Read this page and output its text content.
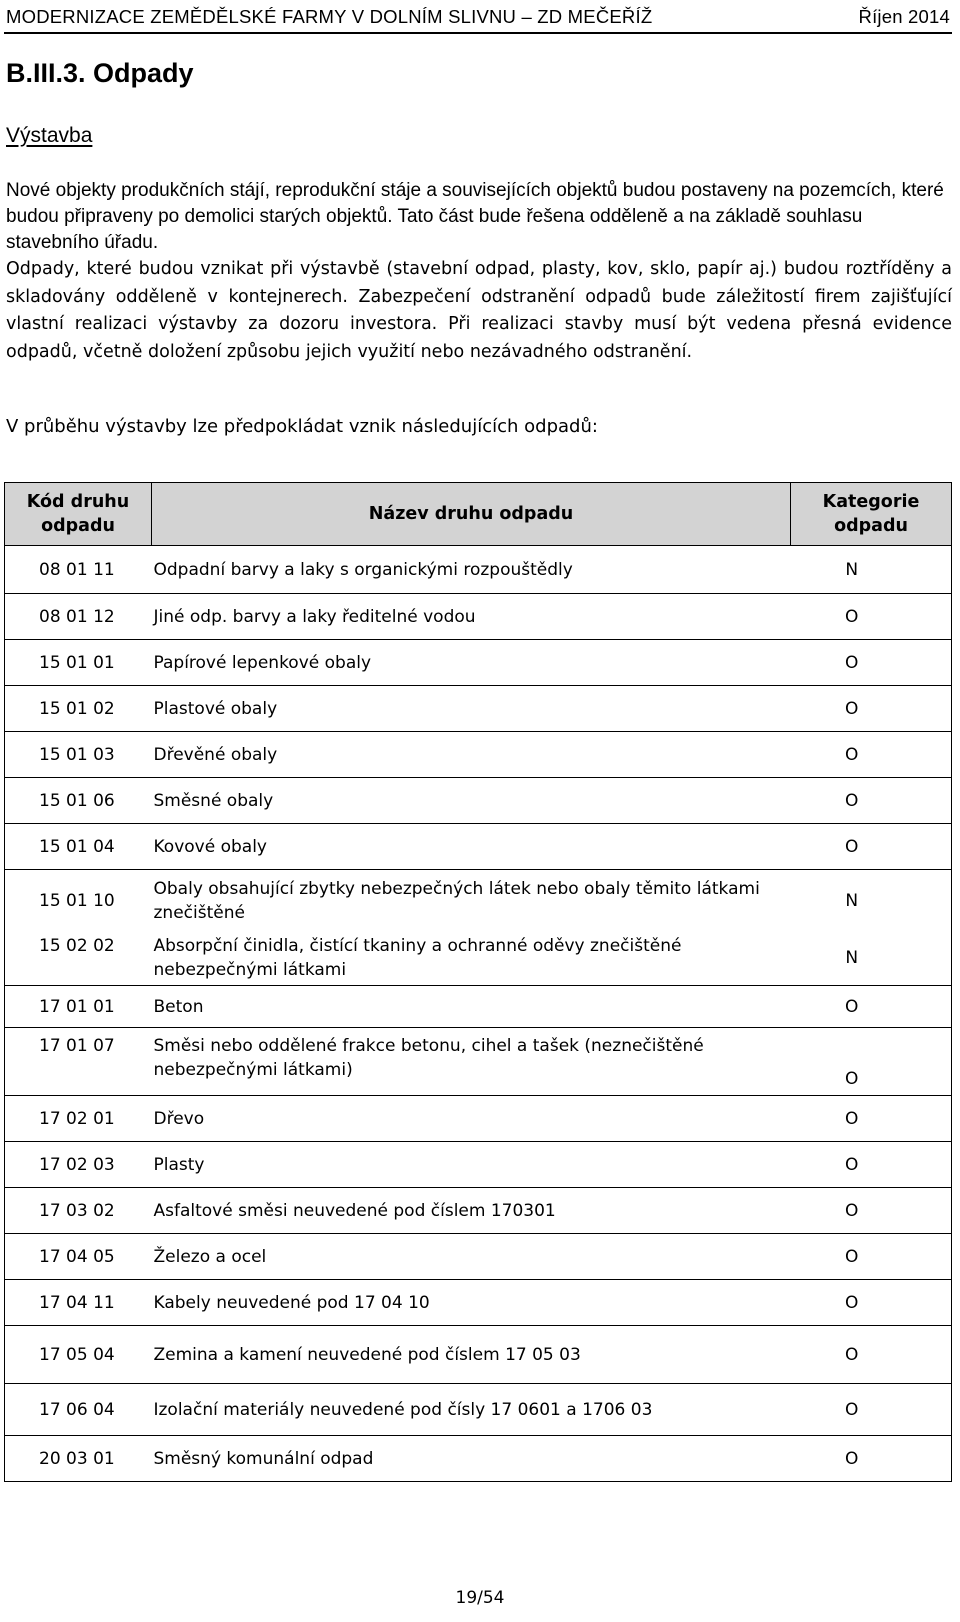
MODERNIZACE ZEMĚDĚLSKÉ FARMY V DOLNÍM SLIVNU – ZD MEČEŘÍŽ	Říjen 2014
B.III.3. Odpady
Výstavba

Nové objekty produkčních stájí, reprodukční stáje a souvisejících objektů budou postaveny na pozemcích, které budou připraveny po demolici starých objektů. Tato část bude řešena odděleně a na základě souhlasu stavebního úřadu.

Odpady, které budou vznikat při výstavbě (stavební odpad, plasty, kov, sklo, papír aj.) budou roztříděny a skladovány odděleně v kontejnerech. Zabezpečení odstranění odpadů bude záležitostí firem zajišťující vlastní realizaci výstavby za dozoru investora. Při realizaci stavby musí být vedena přesná evidence odpadů, včetně doložení způsobu jejich využití nebo nezávadného odstranění.

V průběhu výstavby lze předpokládat vznik následujících odpadů:

Kód druhu odpadu	Název druhu odpadu	Kategorie odpadu
08 01 11	Odpadní barvy a laky s organickými rozpouštědly	N
08 01 12	Jiné odp. barvy a laky ředitelné vodou	O
15 01 01	Papírové lepenkové obaly	O
15 01 02	Plastové obaly	O
15 01 03	Dřevěné obaly	O
15 01 06	Směsné obaly	O
15 01 04	Kovové obaly	O
15 01 10	Obaly obsahující zbytky nebezpečných látek nebo obaly těmito látkami znečištěné	N
15 02 02	Absorpční činidla, čistící tkaniny a ochranné oděvy znečištěné nebezpečnými látkami	N
17 01 01	Beton	O
17 01 07	Směsi nebo oddělené frakce betonu, cihel a tašek (neznečištěné nebezpečnými látkami)	O
17 02 01	Dřevo	O
17 02 03	Plasty	O
17 03 02	Asfaltové směsi neuvedené pod číslem 170301	O
17 04 05	Železo a ocel	O
17 04 11	Kabely neuvedené pod 17 04 10	O
17 05 04	Zemina a kamení neuvedené pod číslem 17 05 03	O
17 06 04	Izolační materiály neuvedené pod čísly 17 0601 a 1706 03	O
20 03 01	Směsný komunální odpad	O
19/54
